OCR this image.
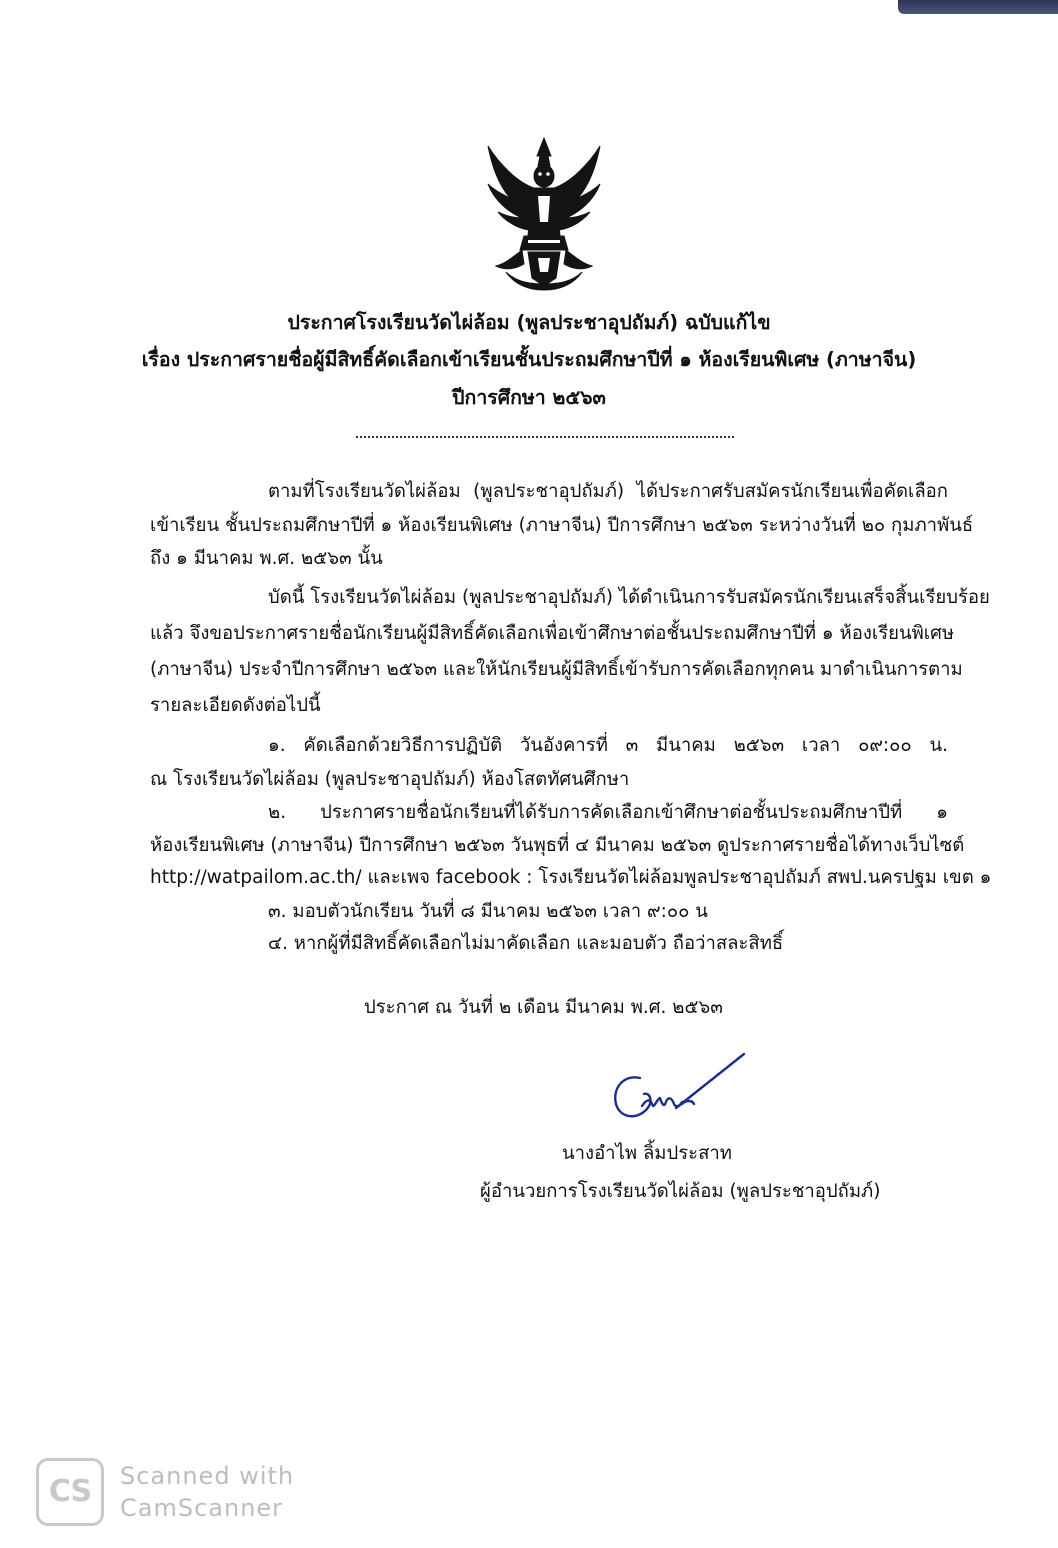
ประกาศโรงเรียนวัดไผ่ล้อม (พูลประชาอุปถัมภ์) ฉบับแก้ไข
เรื่อง ประกาศรายชื่อผู้มีสิทธิ์คัดเลือกเข้าเรียนชั้นประถมศึกษาปีที่ ๑ ห้องเรียนพิเศษ (ภาษาจีน)
ปีการศึกษา ๒๕๖๓
ตามที่โรงเรียนวัดไผ่ล้อม (พูลประชาอุปถัมภ์) ได้ประกาศรับสมัครนักเรียนเพื่อคัดเลือก
เข้าเรียน ชั้นประถมศึกษาปีที่ ๑ ห้องเรียนพิเศษ (ภาษาจีน) ปีการศึกษา ๒๕๖๓ ระหว่างวันที่ ๒๐ กุมภาพันธ์
ถึง ๑ มีนาคม พ.ศ. ๒๕๖๓ นั้น
บัดนี้ โรงเรียนวัดไผ่ล้อม (พูลประชาอุปถัมภ์) ได้ดำเนินการรับสมัครนักเรียนเสร็จสิ้นเรียบร้อย
แล้ว จึงขอประกาศรายชื่อนักเรียนผู้มีสิทธิ์คัดเลือกเพื่อเข้าศึกษาต่อชั้นประถมศึกษาปีที่ ๑ ห้องเรียนพิเศษ
(ภาษาจีน) ประจำปีการศึกษา ๒๕๖๓ และให้นักเรียนผู้มีสิทธิ์เข้ารับการคัดเลือกทุกคน มาดำเนินการตาม
รายละเอียดดังต่อไปนี้
๑. คัดเลือกด้วยวิธีการปฏิบัติ วันอังคารที่ ๓ มีนาคม ๒๕๖๓ เวลา ๐๙:๐๐ น.
ณ โรงเรียนวัดไผ่ล้อม (พูลประชาอุปถัมภ์) ห้องโสตทัศนศึกษา
๒. ประกาศรายชื่อนักเรียนที่ได้รับการคัดเลือกเข้าศึกษาต่อชั้นประถมศึกษาปีที่ ๑
ห้องเรียนพิเศษ (ภาษาจีน) ปีการศึกษา ๒๕๖๓ วันพุธที่ ๔ มีนาคม ๒๕๖๓ ดูประกาศรายชื่อได้ทางเว็บไซต์
http://watpailom.ac.th/ และเพจ facebook : โรงเรียนวัดไผ่ล้อมพูลประชาอุปถัมภ์ สพป.นครปฐม เขต ๑
๓. มอบตัวนักเรียน วันที่ ๘ มีนาคม ๒๕๖๓ เวลา ๙:๐๐ น
๔. หากผู้ที่มีสิทธิ์คัดเลือกไม่มาคัดเลือก และมอบตัว ถือว่าสละสิทธิ์
ประกาศ ณ วันที่ ๒ เดือน มีนาคม พ.ศ. ๒๕๖๓
นางอำไพ ลิ้มประสาท
ผู้อำนวยการโรงเรียนวัดไผ่ล้อม (พูลประชาอุปถัมภ์)
CS	Scanned with
CamScanner
